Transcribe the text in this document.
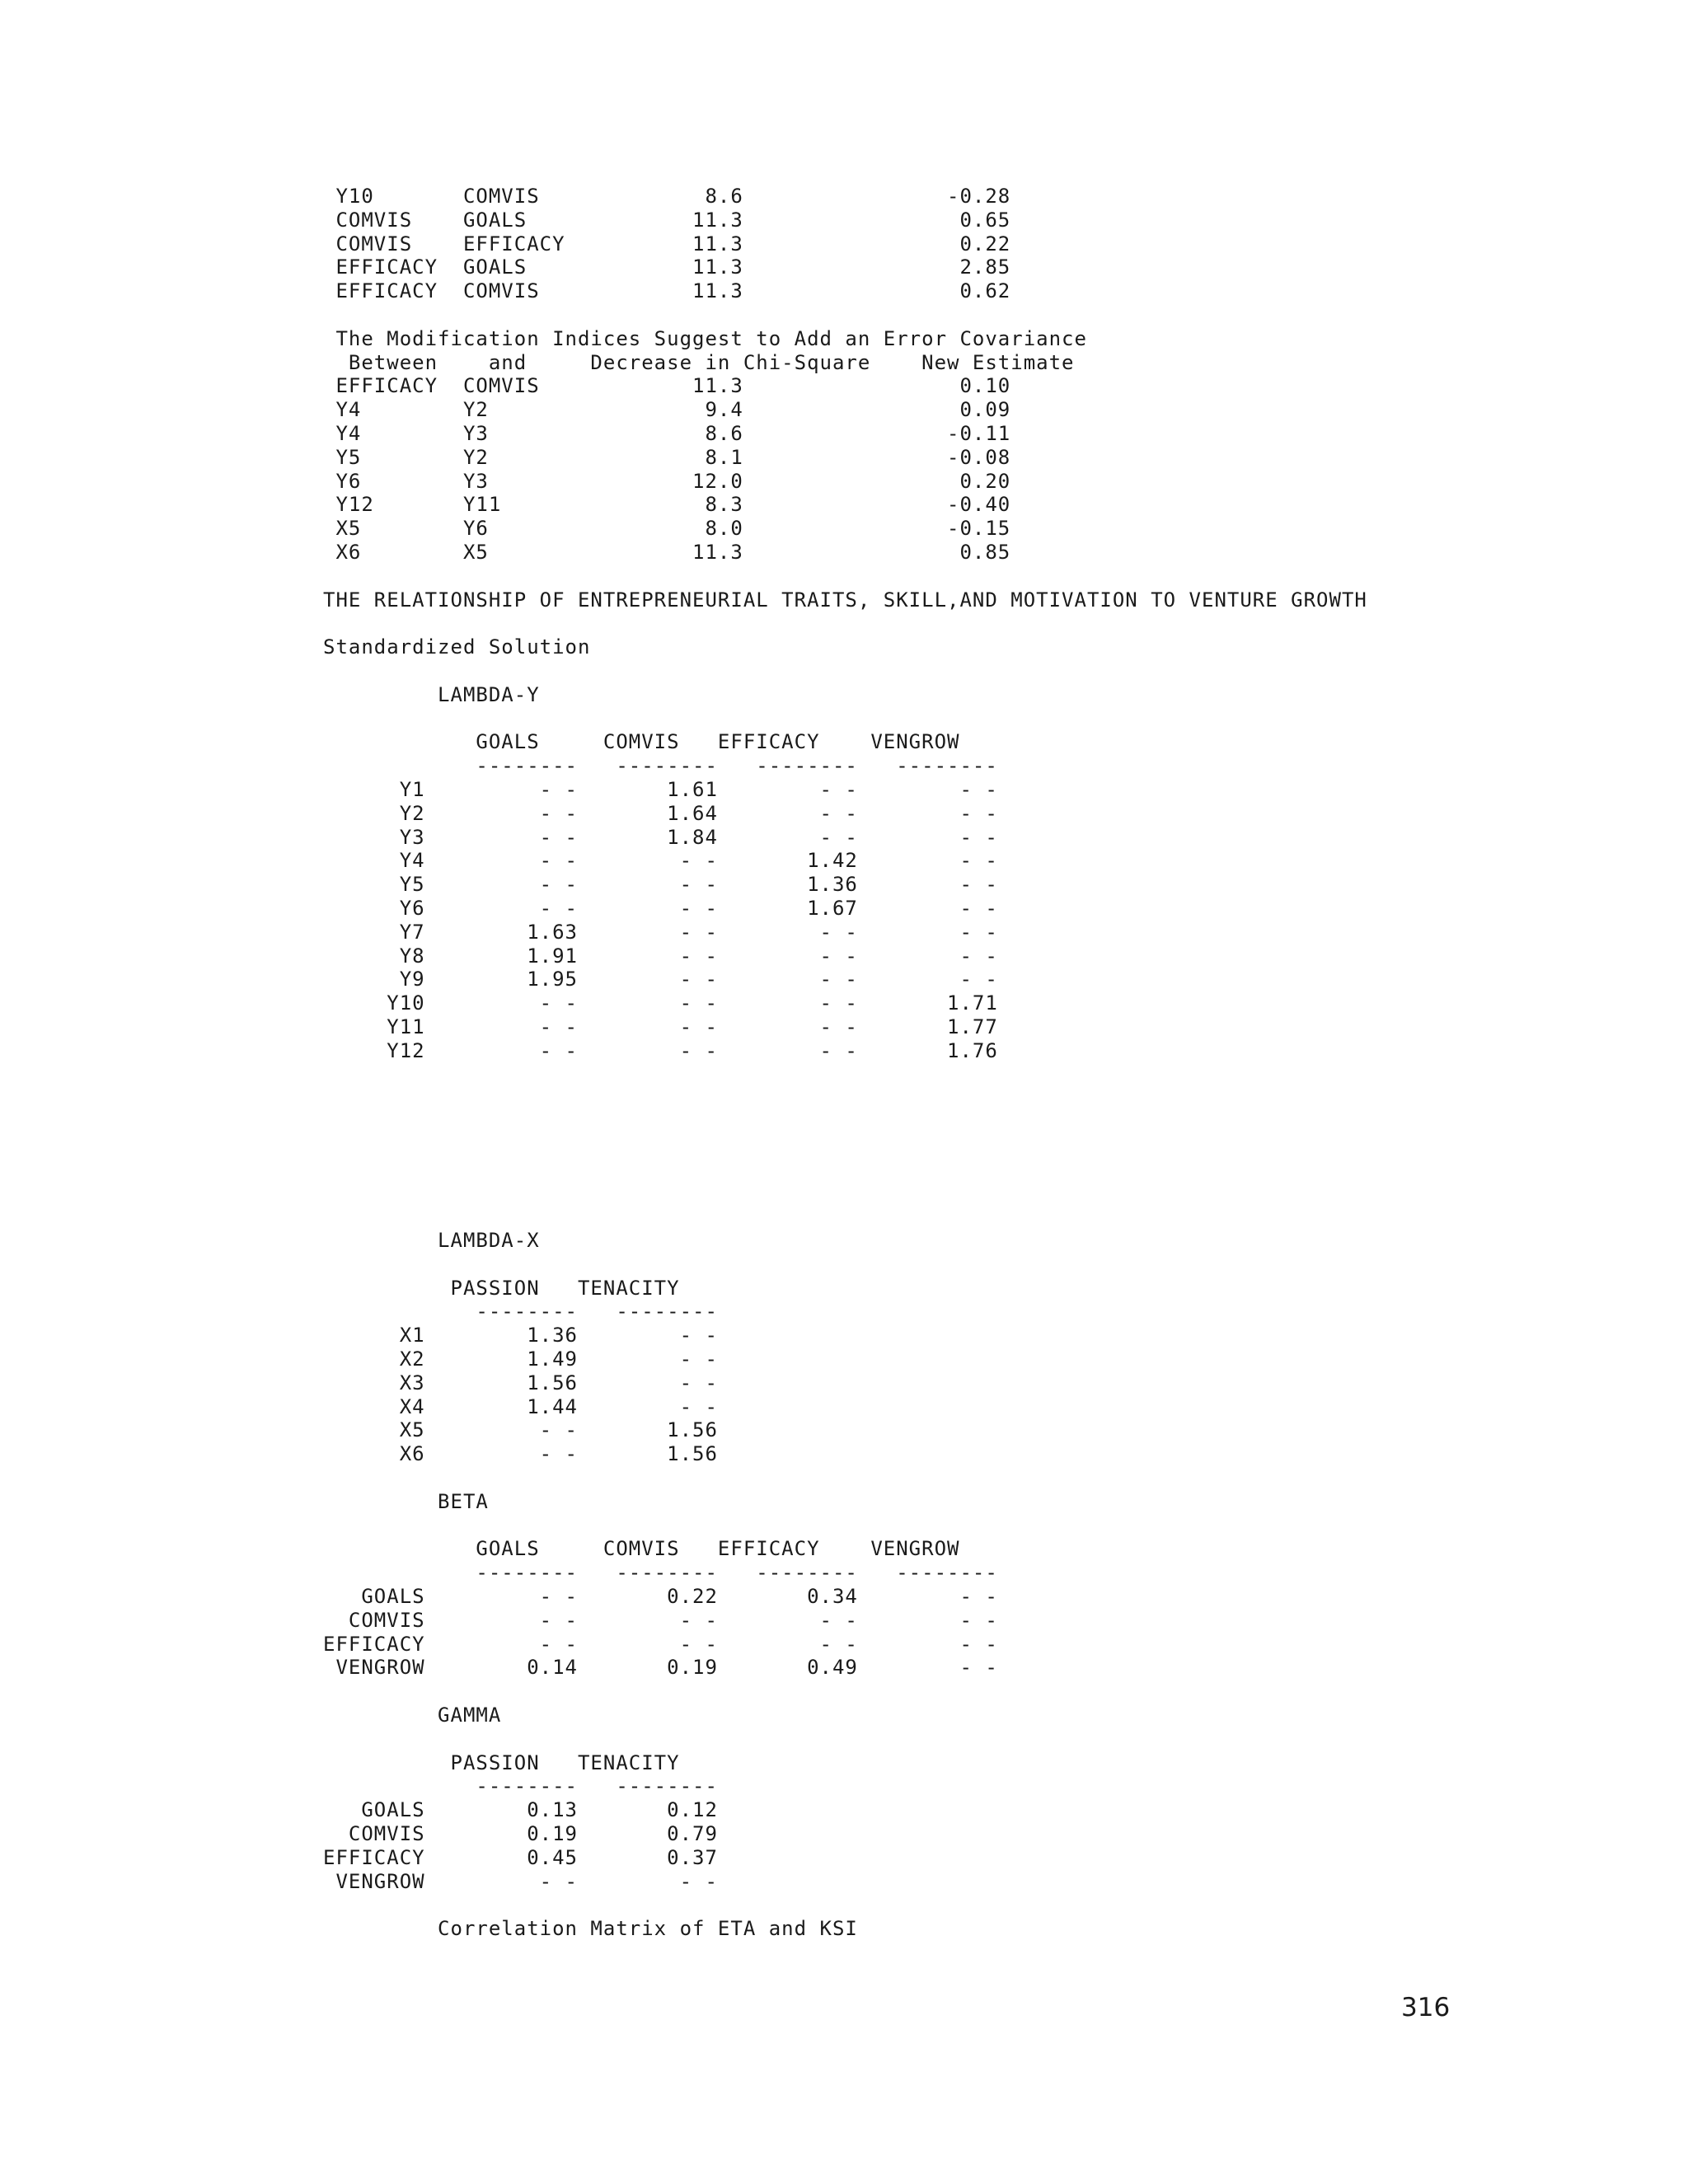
Y10       COMVIS             8.6                -0.28
COMVIS    GOALS             11.3                 0.65
COMVIS    EFFICACY          11.3                 0.22
EFFICACY  GOALS             11.3                 2.85
EFFICACY  COMVIS            11.3                 0.62

The Modification Indices Suggest to Add an Error Covariance
Between    and     Decrease in Chi-Square    New Estimate
EFFICACY  COMVIS            11.3                 0.10
Y4        Y2                 9.4                 0.09
Y4        Y3                 8.6                -0.11
Y5        Y2                 8.1                -0.08
Y6        Y3                12.0                 0.20
Y12       Y11                8.3                -0.40
X5        Y6                 8.0                -0.15
X6        X5                11.3                 0.85

THE RELATIONSHIP OF ENTREPRENEURIAL TRAITS, SKILL,AND MOTIVATION TO VENTURE GROWTH

Standardized Solution

LAMBDA-Y

GOALS     COMVIS   EFFICACY    VENGROW
--------   --------   --------   --------
Y1         - -       1.61        - -        - -
Y2         - -       1.64        - -        - -
Y3         - -       1.84        - -        - -
Y4         - -        - -       1.42        - -
Y5         - -        - -       1.36        - -
Y6         - -        - -       1.67        - -
Y7        1.63        - -        - -        - -
Y8        1.91        - -        - -        - -
Y9        1.95        - -        - -        - -
Y10         - -        - -        - -       1.71
Y11         - -        - -        - -       1.77
Y12         - -        - -        - -       1.76

LAMBDA-X

PASSION   TENACITY
--------   --------
X1        1.36        - -
X2        1.49        - -
X3        1.56        - -
X4        1.44        - -
X5         - -       1.56
X6         - -       1.56

BETA

GOALS     COMVIS   EFFICACY    VENGROW
--------   --------   --------   --------
GOALS         - -       0.22       0.34        - -
COMVIS         - -        - -        - -        - -
EFFICACY         - -        - -        - -        - -
VENGROW        0.14       0.19       0.49        - -

GAMMA

PASSION   TENACITY
--------   --------
GOALS        0.13       0.12
COMVIS        0.19       0.79
EFFICACY        0.45       0.37
VENGROW         - -        - -

Correlation Matrix of ETA and KSI

316
